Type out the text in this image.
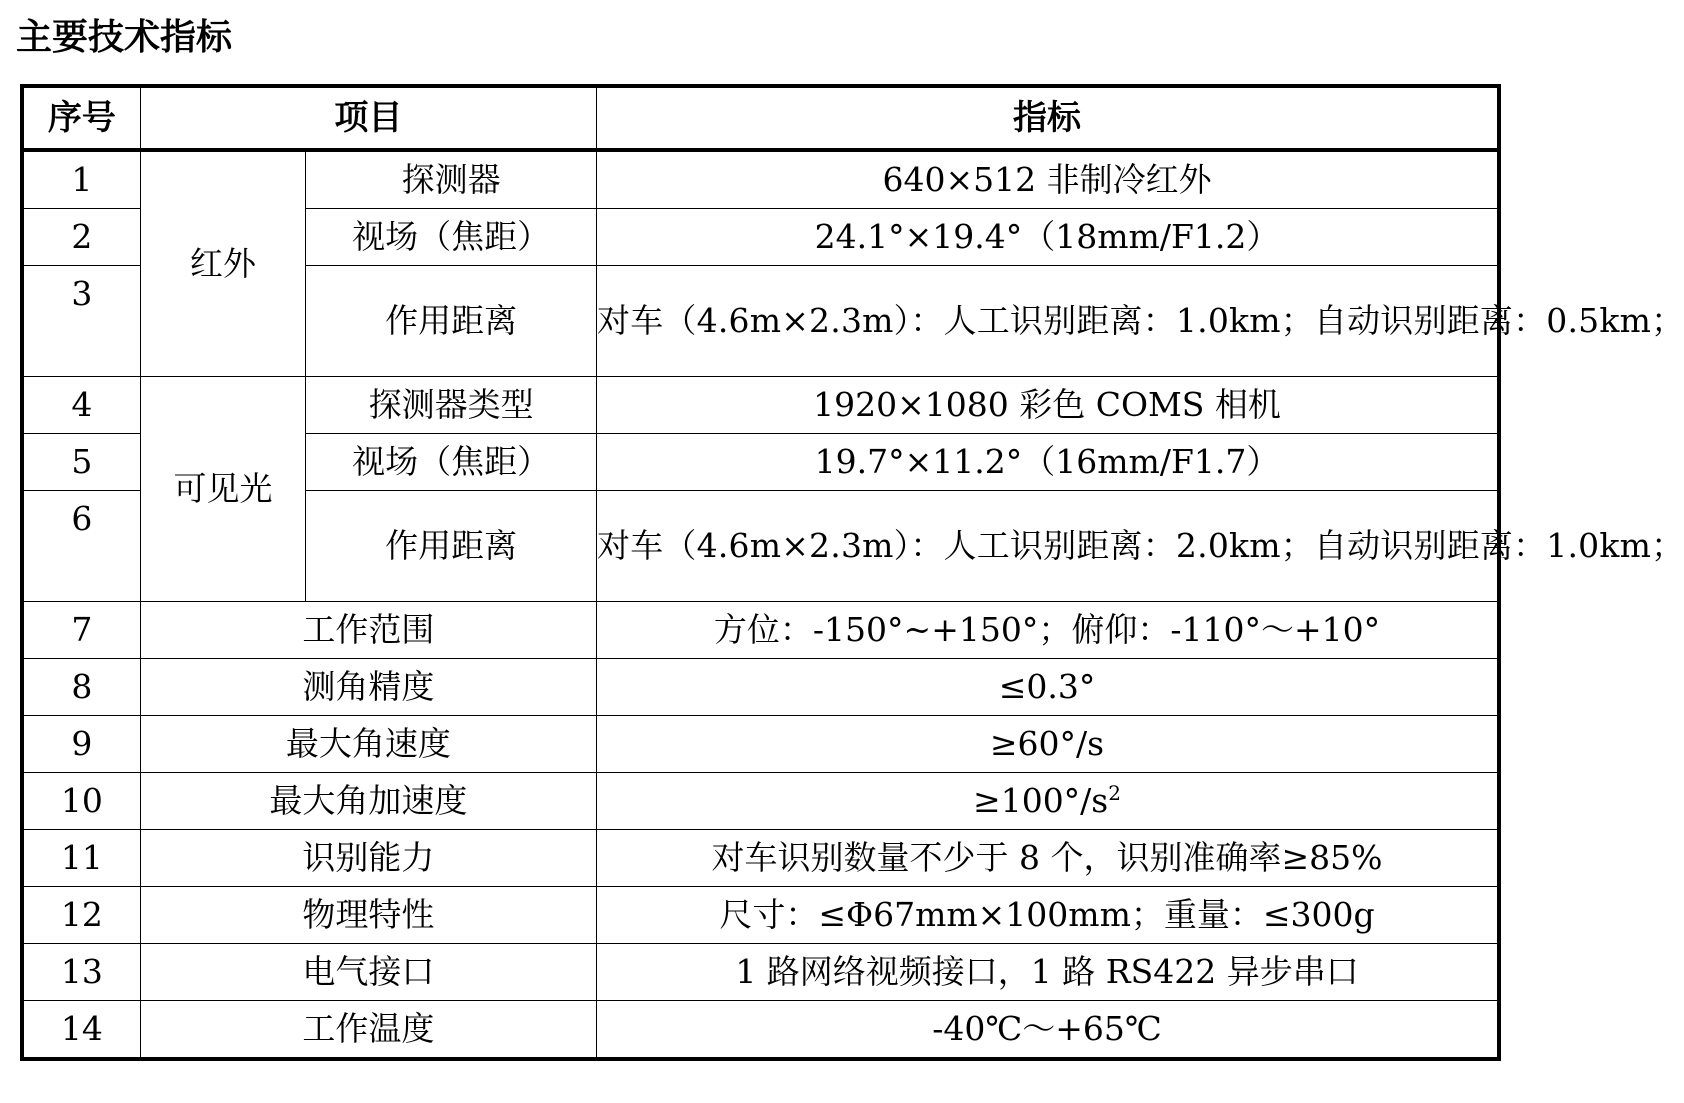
主要技术指标
序号	项目		指标
1	红外	探测器	640×512 非制冷红外
2		视场（焦距）	24.1°×19.4°（18mm/F1.2）
3		作用距离	对车（4.6m×2.3m）：人工识别距离：1.0km；自动识别距离：0.5km；
4	可见光	探测器类型	1920×1080 彩色 COMS 相机
5		视场（焦距）	19.7°×11.2°（16mm/F1.7）
6		作用距离	对车（4.6m×2.3m）：人工识别距离：2.0km；自动识别距离：1.0km；
7	工作范围		方位：-150°~+150°；俯仰：-110°～+10°
8	测角精度		≤0.3°
9	最大角速度		≥60°/s
10	最大角加速度		$\ge 100^\circ/s^2$
11	识别能力		对车识别数量不少于 8 个，识别准确率≥85%
12	物理特性		尺寸：≤Φ67mm×100mm；重量：≤300g
13	电气接口		1 路网络视频接口，1 路 RS422 异步串口
14	工作温度		-40℃～+65℃
